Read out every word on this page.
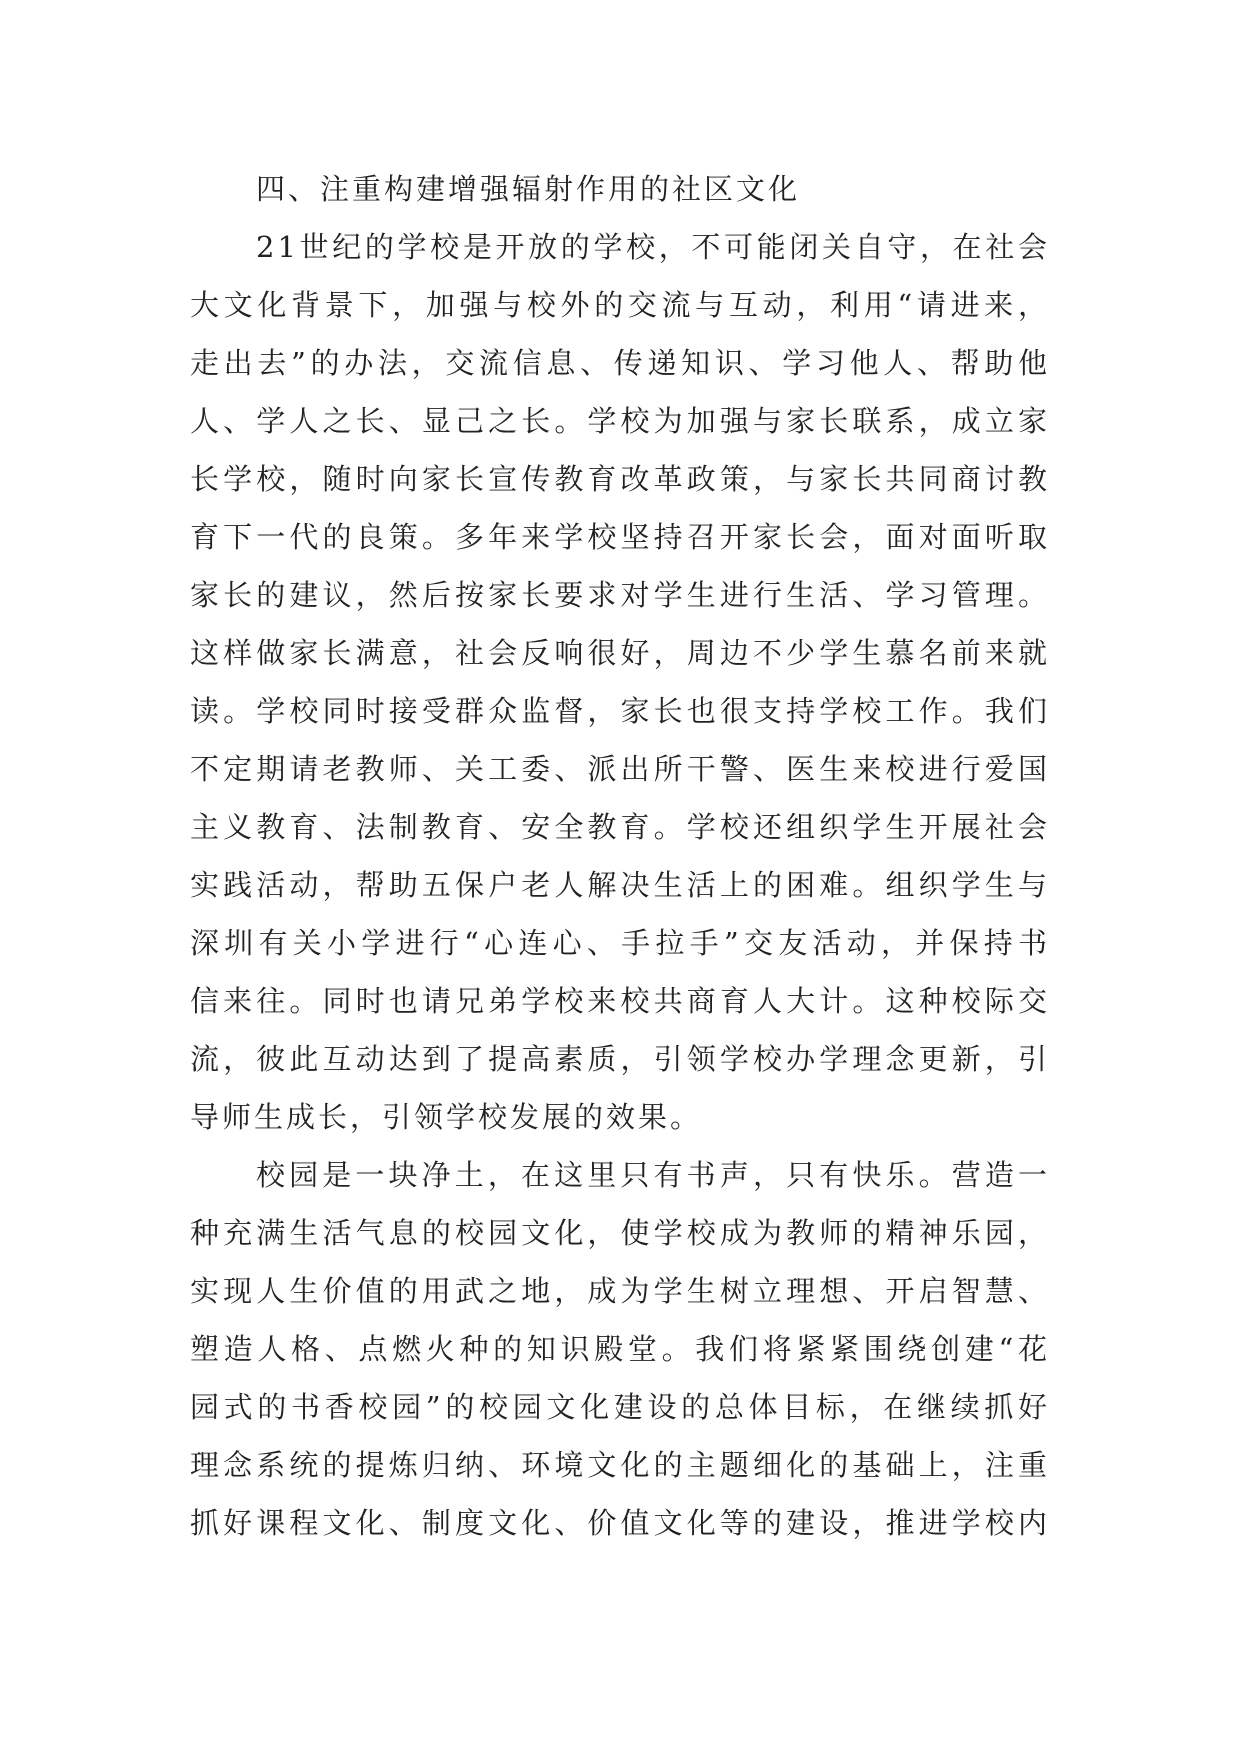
四、注重构建增强辐射作用的社区文化
21世纪的学校是开放的学校，不可能闭关自守，在社会
大文化背景下，加强与校外的交流与互动，利用“请进来，
走出去”的办法，交流信息、传递知识、学习他人、帮助他
人、学人之长、显己之长。学校为加强与家长联系，成立家
长学校，随时向家长宣传教育改革政策，与家长共同商讨教
育下一代的良策。多年来学校坚持召开家长会，面对面听取
家长的建议，然后按家长要求对学生进行生活、学习管理。
这样做家长满意，社会反响很好，周边不少学生慕名前来就
读。学校同时接受群众监督，家长也很支持学校工作。我们
不定期请老教师、关工委、派出所干警、医生来校进行爱国
主义教育、法制教育、安全教育。学校还组织学生开展社会
实践活动，帮助五保户老人解决生活上的困难。组织学生与
深圳有关小学进行“心连心、手拉手”交友活动，并保持书
信来往。同时也请兄弟学校来校共商育人大计。这种校际交
流，彼此互动达到了提高素质，引领学校办学理念更新，引
导师生成长，引领学校发展的效果。
校园是一块净土，在这里只有书声，只有快乐。营造一
种充满生活气息的校园文化，使学校成为教师的精神乐园，
实现人生价值的用武之地，成为学生树立理想、开启智慧、
塑造人格、点燃火种的知识殿堂。我们将紧紧围绕创建“花
园式的书香校园”的校园文化建设的总体目标，在继续抓好
理念系统的提炼归纳、环境文化的主题细化的基础上，注重
抓好课程文化、制度文化、价值文化等的建设，推进学校内
